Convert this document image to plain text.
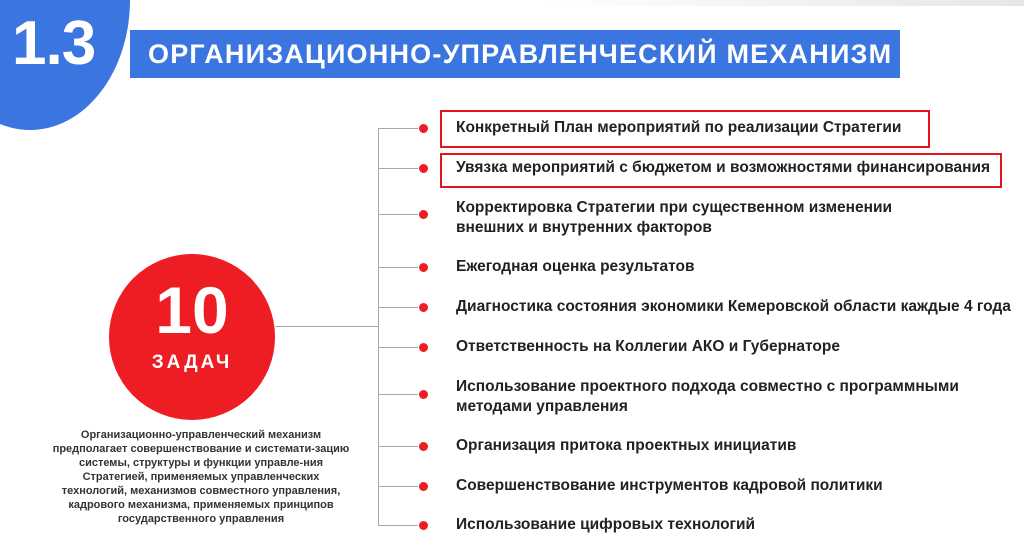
1.3 ОРГАНИЗАЦИОННО-УПРАВЛЕНЧЕСКИЙ МЕХАНИЗМ
10
ЗАДАЧ
Организационно-управленческий механизм предполагает совершенствование и системати-зацию системы, структуры и функции управле-ния Стратегией, применяемых управленческих технологий, механизмов совместного управления, кадрового механизма, применяемых принципов государственного управления
Конкретный План мероприятий по реализации Стратегии
Увязка мероприятий с бюджетом и возможностями финансирования
Корректировка Стратегии при существенном изменении
внешних и внутренних факторов
Ежегодная оценка результатов
Диагностика состояния экономики Кемеровской области каждые 4 года
Ответственность на Коллегии АКО и Губернаторе
Использование проектного подхода совместно с программными
методами управления
Организация притока проектных инициатив
Совершенствование инструментов кадровой политики
Использование цифровых технологий
